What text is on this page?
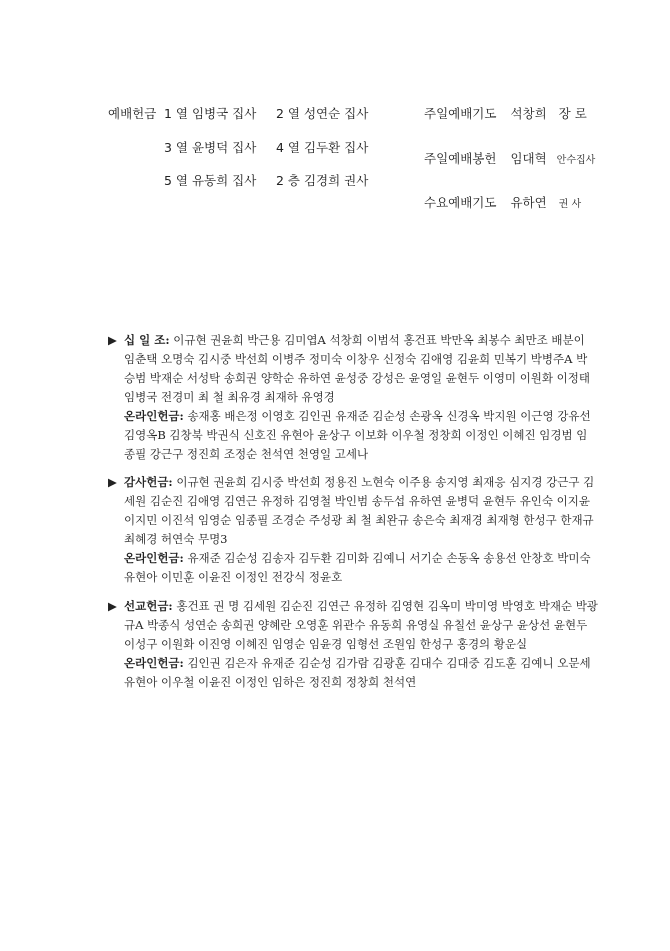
예배헌금 1 열 임병국 집사 2 열 성연순 집사
3 열 윤병덕 집사 4 열 김두환 집사
5 열 유동희 집사 2 층 김경희 권사
주일예배기도 석창희 장 로
주일예배봉헌 임대혁 안수집사
수요예배기도 유하연 권 사

▶ 십 일 조: 이규현 권윤희 박근용 김미엽A 석창희 이범석 홍건표 박만옥 최봉수 최만조 배분이 임춘택 오명숙 김시중 박선희 이병주 정미숙 이창우 신정숙 김애영 김윤희 민복기 박병주A 박승범 박재순 서성탁 송희권 양학순 유하연 윤성중 강성은 윤영일 윤현두 이영미 이원화 이정태 임병국 전경미 최 철 최유경 최재하 유영경

온라인헌금: 송재홍 배은정 이영호 김인권 유재준 김순성 손광옥 신경옥 박지원 이근영 강유선 김영옥B 김창북 박권식 신호진 유현아 윤상구 이보화 이우철 정창희 이정인 이혜진 임경범 임종필 강근구 정진희 조정순 천석연 천영일 고세나

▶ 감사헌금: 이규현 권윤희 김시중 박선희 정용진 노현숙 이주용 송지영 최재응 심지경 강근구 김세원 김순진 김애영 김연근 유정하 김영철 박인범 송두섭 유하연 윤병덕 윤현두 유인숙 이지윤 이지민 이진석 임영순 임종필 조경순 주성광 최 철 최완규 송은숙 최재경 최재형 한성구 한재규 최혜경 허연숙 무명3

온라인헌금: 유재준 김순성 김송자 김두환 김미화 김예니 서기순 손동옥 송용선 안창호 박미숙 유현아 이민훈 이윤진 이정인 전강식 정윤호

▶ 선교헌금: 홍건표 권 명 김세원 김순진 김연근 유정하 김영현 김옥미 박미영 박영호 박재순 박광규A 박종식 성연순 송희권 양혜란 오영훈 위관수 유동희 유영실 유칠선 윤상구 윤상선 윤현두 이성구 이원화 이진영 이혜진 임영순 임윤경 임형선 조원임 한성구 홍경의 황운실

온라인헌금: 김인권 김은자 유재준 김순성 김가람 김광훈 김대수 김대중 김도훈 김예니 오문세 유현아 이우철 이윤진 이정인 임하은 정진희 정창희 천석연
